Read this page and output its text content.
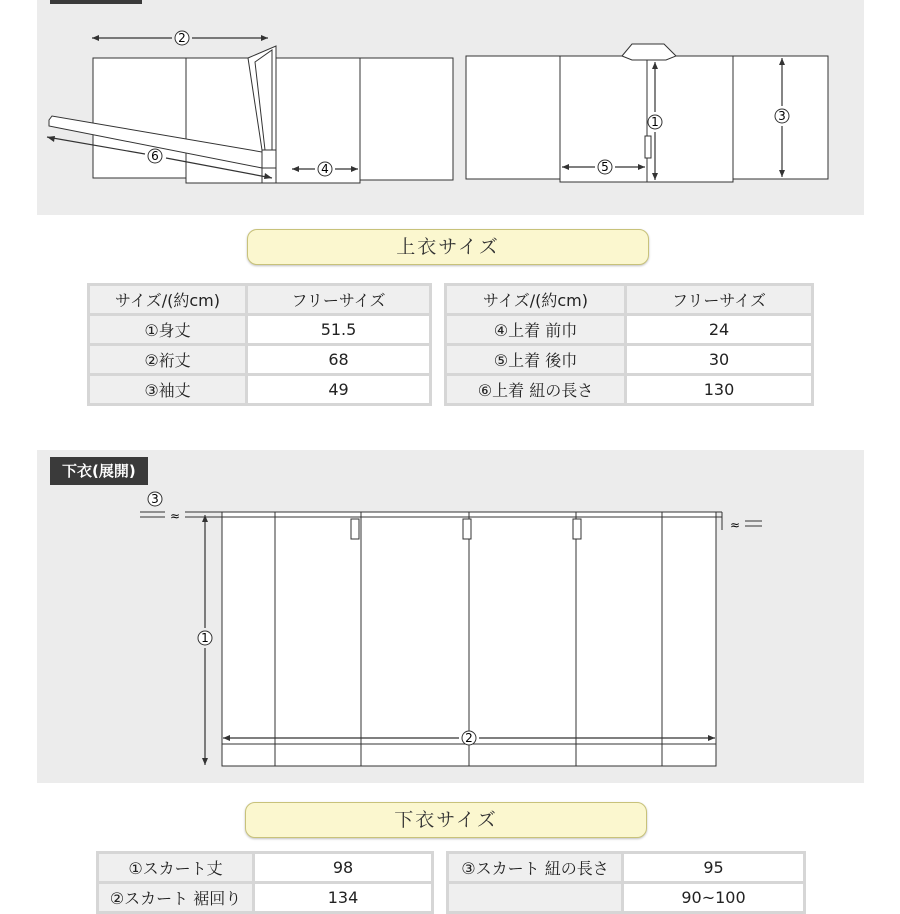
2
6
4
1
5
3
上衣サイズ
サイズ/(約cm)	フリーサイズ
①身丈	51.5
②裄丈	68
③袖丈	49
サイズ/(約cm)	フリーサイズ
④上着 前巾	24
⑤上着 後巾	30
⑥上着 紐の長さ	130
下衣(展開)
≈
≈
3
1
2
下衣サイズ
①スカート丈	98
②スカート 裾回り	134
③スカート 紐の長さ	95
	90~100
